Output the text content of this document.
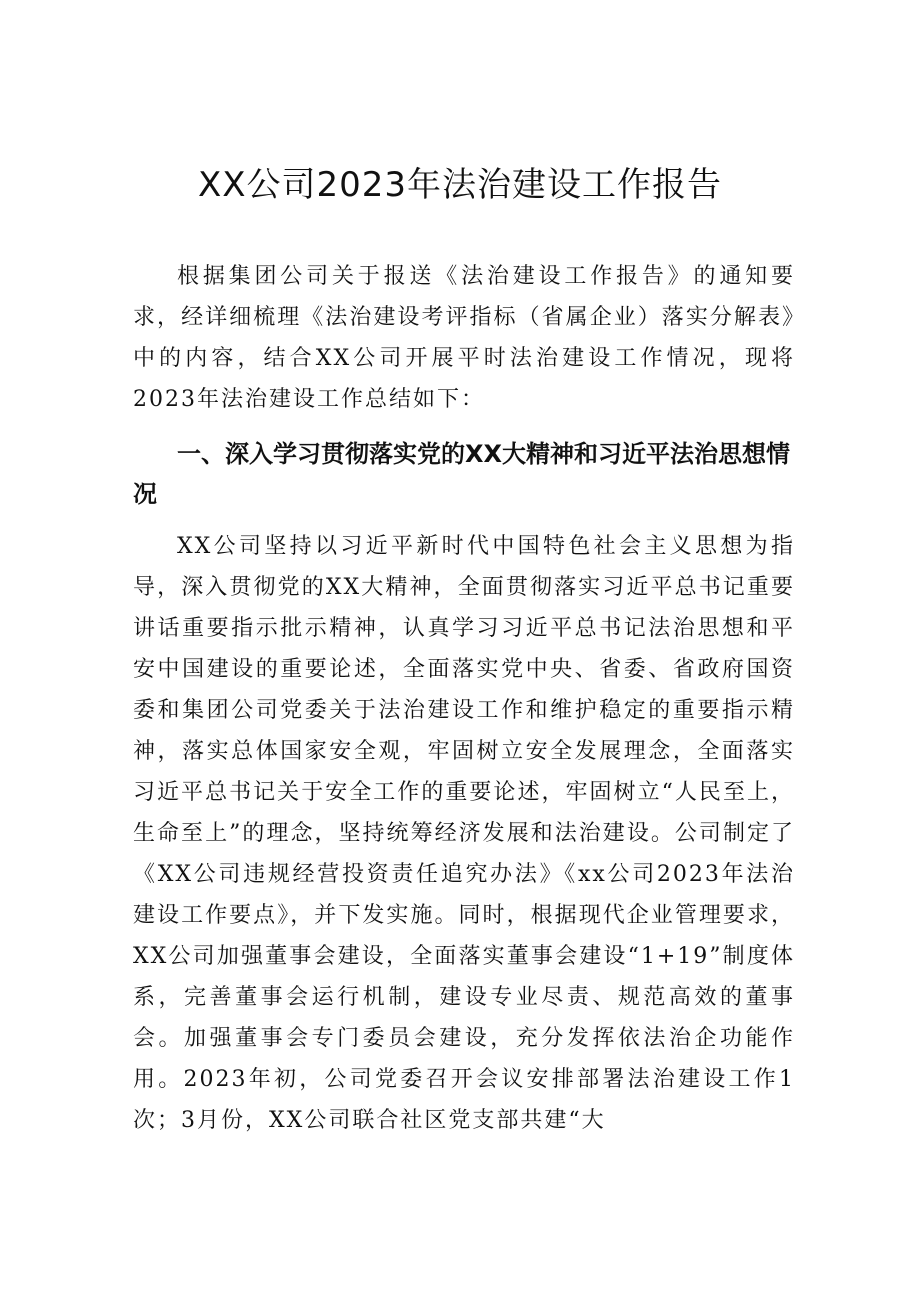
XX公司2023年法治建设工作报告

根据集团公司关于报送《法治建设工作报告》的通知要求，经详细梳理《法治建设考评指标（省属企业）落实分解表》中的内容，结合XX公司开展平时法治建设工作情况，现将2023年法治建设工作总结如下：

一、深入学习贯彻落实党的XX大精神和习近平法治思想情况

XX公司坚持以习近平新时代中国特色社会主义思想为指导，深入贯彻党的XX大精神，全面贯彻落实习近平总书记重要讲话重要指示批示精神，认真学习习近平总书记法治思想和平安中国建设的重要论述，全面落实党中央、省委、省政府国资委和集团公司党委关于法治建设工作和维护稳定的重要指示精神，落实总体国家安全观，牢固树立安全发展理念，全面落实习近平总书记关于安全工作的重要论述，牢固树立“人民至上，生命至上”的理念，坚持统筹经济发展和法治建设。公司制定了《XX公司违规经营投资责任追究办法》《xx公司2023年法治建设工作要点》，并下发实施。同时，根据现代企业管理要求，XX公司加强董事会建设，全面落实董事会建设“1+19”制度体系，完善董事会运行机制，建设专业尽责、规范高效的董事会。加强董事会专门委员会建设，充分发挥依法治企功能作用。2023年初，公司党委召开会议安排部署法治建设工作1次；3月份，XX公司联合社区党支部共建“大
